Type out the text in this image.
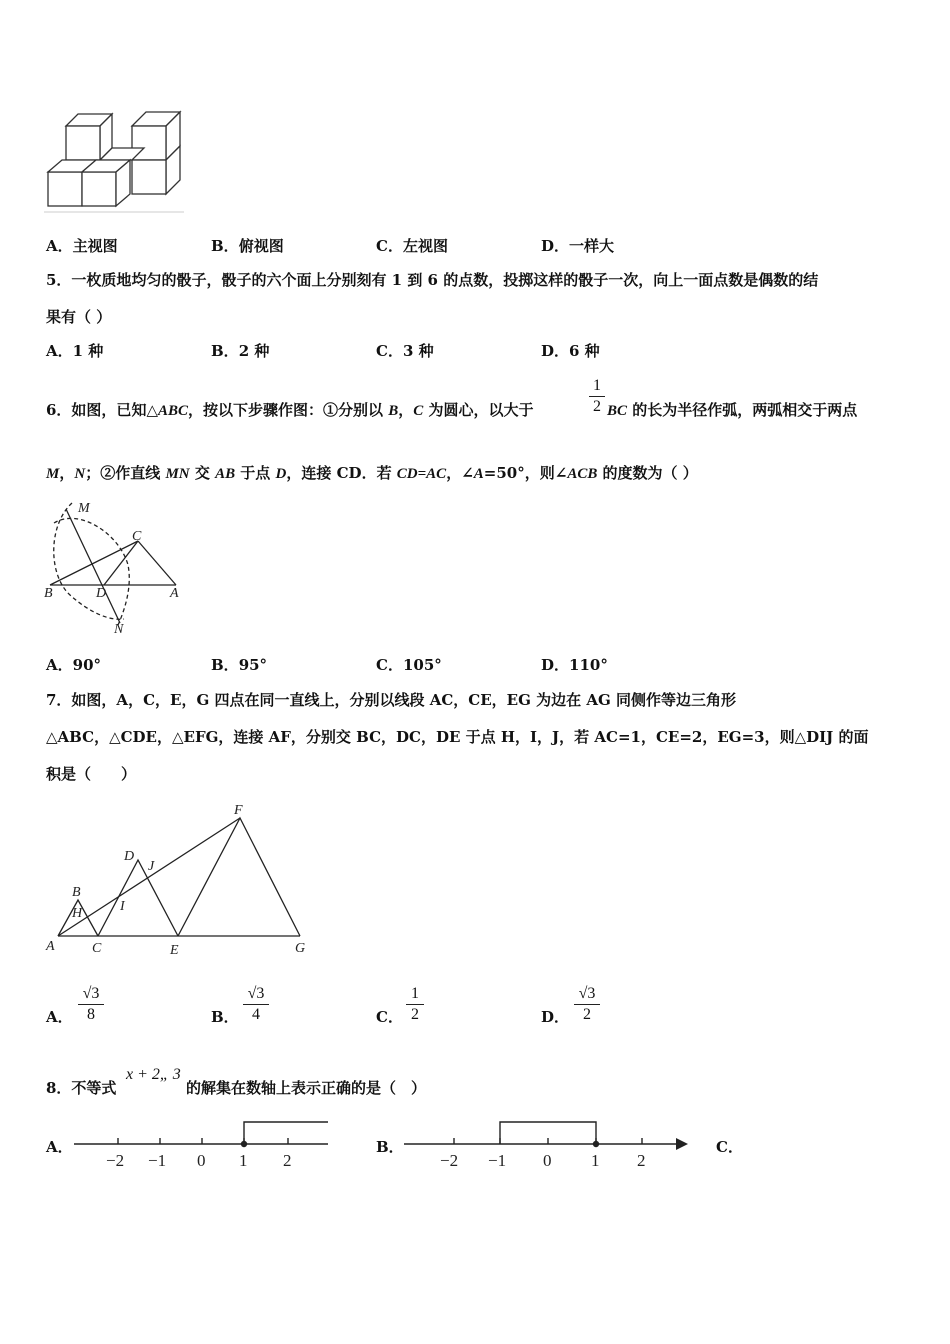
A．主视图	B．俯视图	C．左视图	D．一样大
5．一枚质地均匀的骰子，骰子的六个面上分别刻有 1 到 6 的点数，投掷这样的骰子一次，向上一面点数是偶数的结
果有（ ）
A．1 种	B．2 种	C．3 种	D．6 种
6．如图，已知△ABC，按以下步骤作图：①分别以 B，C 为圆心，以大于
1
2 BC 的长为半径作弧，两弧相交于两点
M，N；②作直线 MN 交 AB 于点 D，连接 CD．若 CD=AC，∠A=50°，则∠ACB 的度数为（ ）
M
C
B	D	A
N
A．90°	B．95°	C．105°	D．110°
7．如图，A，C，E，G 四点在同一直线上，分别以线段 AC，CE，EG 为边在 AG 同侧作等边三角形
△ABC，△CDE，△EFG，连接 AF，分别交 BC，DC，DE 于点 H，I，J，若 AC=1，CE=2，EG=3，则△DIJ 的面
积是（　　）
F
D
J
B
I
H
A	C	E	G
A．
√3
8	B．
√3
4	C．
1
2	D．
√3
2
8．不等式
x + 2„ 3
的解集在数轴上表示正确的是（　）
A．
−2 −1 0 1 2
B．
−2 −1 0 1 2
C．
